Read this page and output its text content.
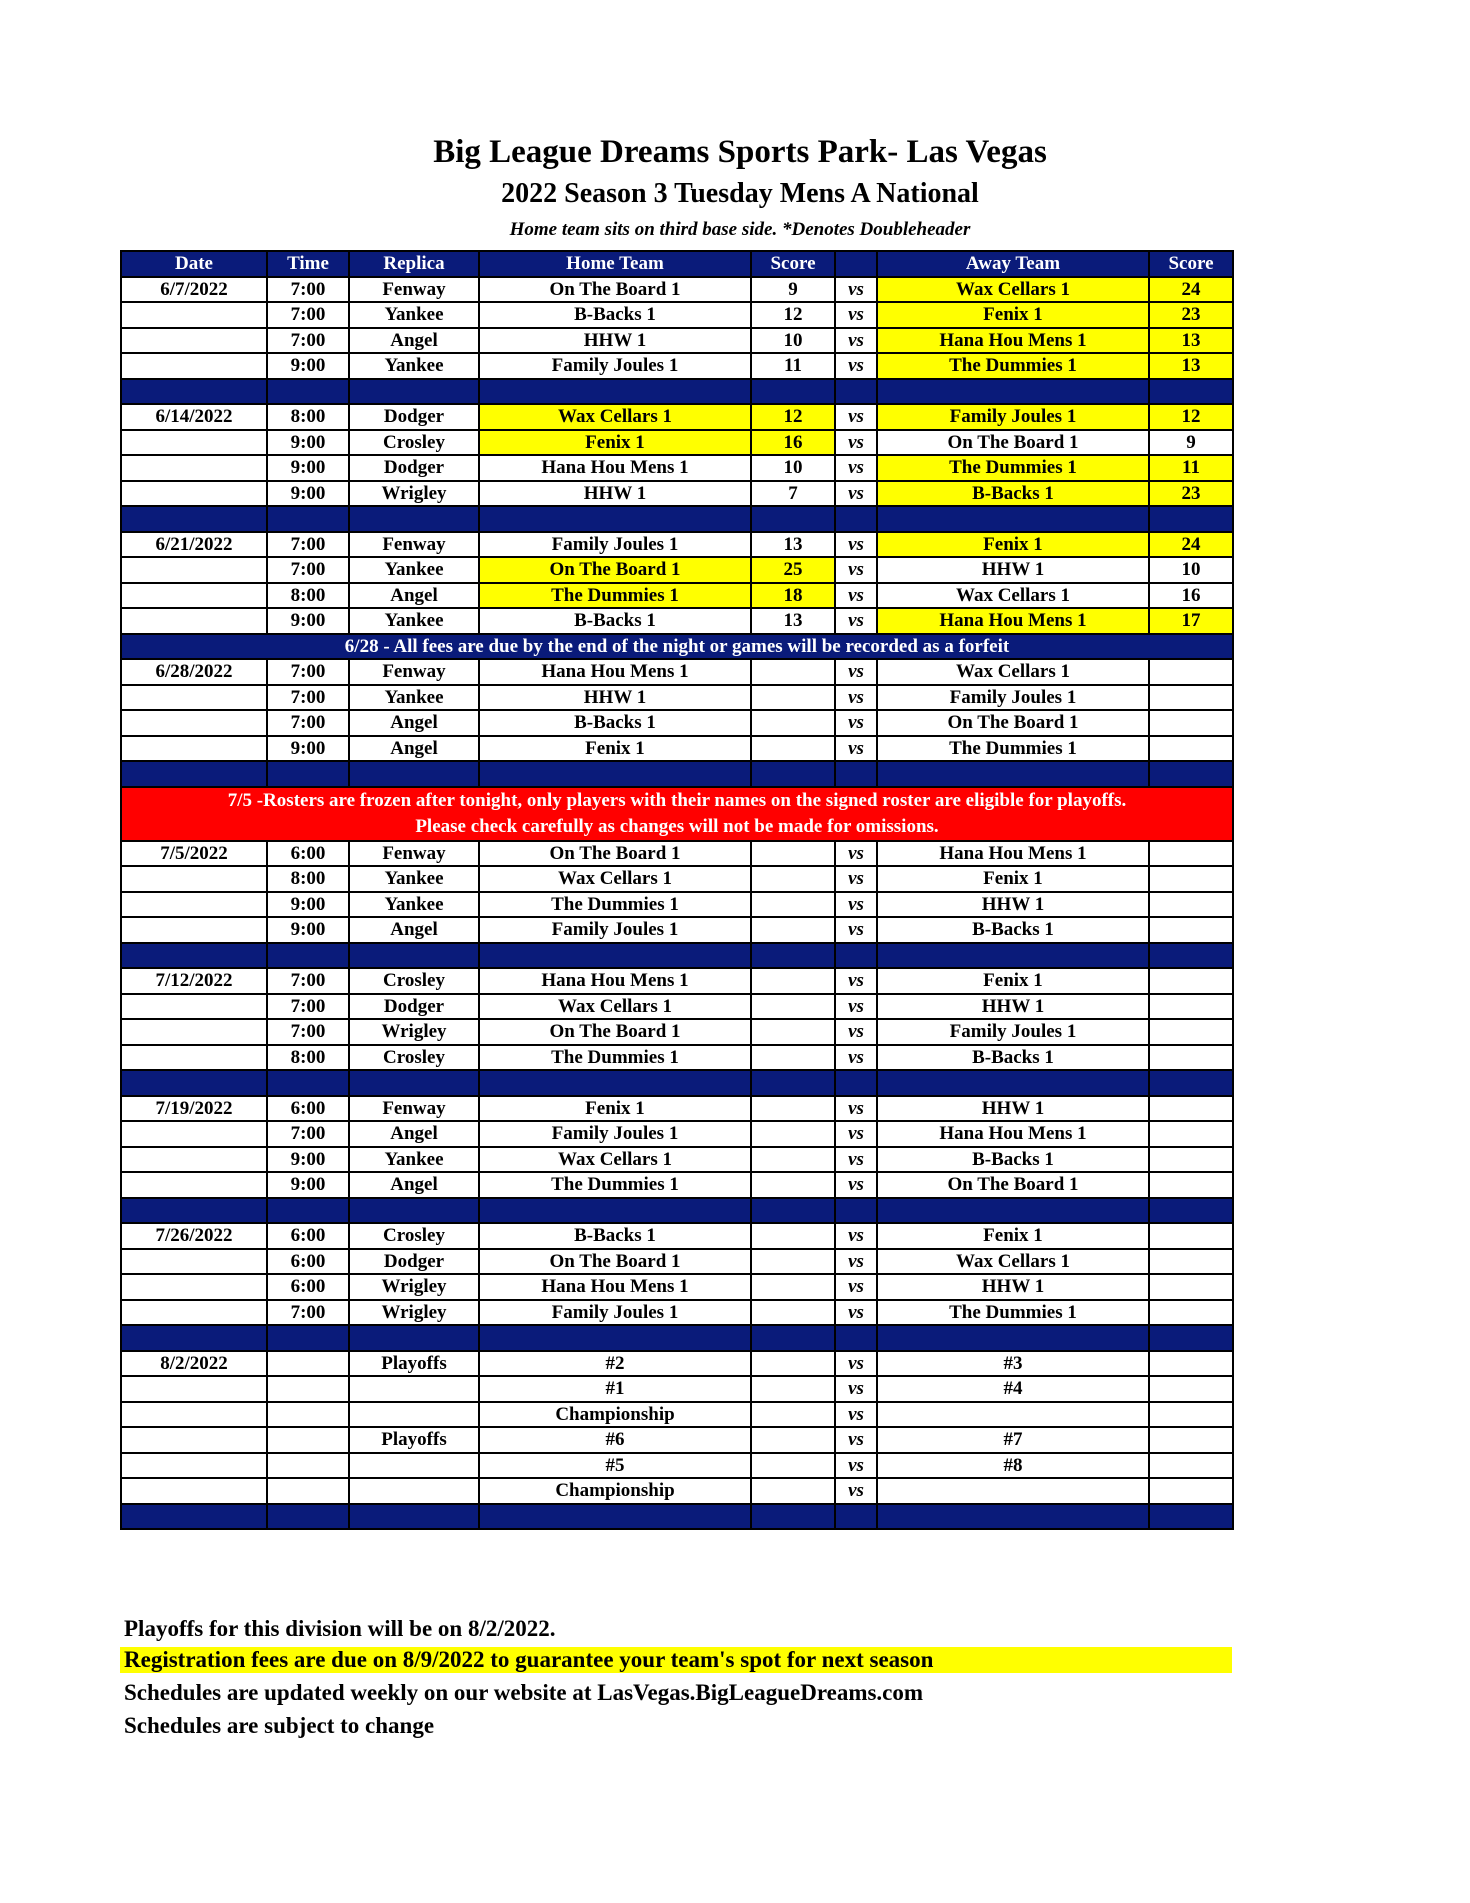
Big League Dreams Sports Park- Las Vegas
2022 Season 3 Tuesday Mens A National
Home team sits on third base side. *Denotes Doubleheader
Date	Time	Replica	Home Team	Score		Away Team	Score
6/7/2022	7:00	Fenway	On The Board 1	9	vs	Wax Cellars 1	24
	7:00	Yankee	B-Backs 1	12	vs	Fenix 1	23
	7:00	Angel	HHW 1	10	vs	Hana Hou Mens 1	13
	9:00	Yankee	Family Joules 1	11	vs	The Dummies 1	13

6/14/2022	8:00	Dodger	Wax Cellars 1	12	vs	Family Joules 1	12
	9:00	Crosley	Fenix 1	16	vs	On The Board 1	9
	9:00	Dodger	Hana Hou Mens 1	10	vs	The Dummies 1	11
	9:00	Wrigley	HHW 1	7	vs	B-Backs 1	23

6/21/2022	7:00	Fenway	Family Joules 1	13	vs	Fenix 1	24
	7:00	Yankee	On The Board 1	25	vs	HHW 1	10
	8:00	Angel	The Dummies 1	18	vs	Wax Cellars 1	16
	9:00	Yankee	B-Backs 1	13	vs	Hana Hou Mens 1	17
6/28 - All fees are due by the end of the night or games will be recorded as a forfeit							
6/28/2022	7:00	Fenway	Hana Hou Mens 1		vs	Wax Cellars 1	
	7:00	Yankee	HHW 1		vs	Family Joules 1	
	7:00	Angel	B-Backs 1		vs	On The Board 1	
	9:00	Angel	Fenix 1		vs	The Dummies 1	

7/5 -Rosters are frozen after tonight, only players with their names on the signed roster are eligible for playoffs.
Please check carefully as changes will not be made for omissions.							
7/5/2022	6:00	Fenway	On The Board 1		vs	Hana Hou Mens 1	
	8:00	Yankee	Wax Cellars 1		vs	Fenix 1	
	9:00	Yankee	The Dummies 1		vs	HHW 1	
	9:00	Angel	Family Joules 1		vs	B-Backs 1	

7/12/2022	7:00	Crosley	Hana Hou Mens 1		vs	Fenix 1	
	7:00	Dodger	Wax Cellars 1		vs	HHW 1	
	7:00	Wrigley	On The Board 1		vs	Family Joules 1	
	8:00	Crosley	The Dummies 1		vs	B-Backs 1	

7/19/2022	6:00	Fenway	Fenix 1		vs	HHW 1	
	7:00	Angel	Family Joules 1		vs	Hana Hou Mens 1	
	9:00	Yankee	Wax Cellars 1		vs	B-Backs 1	
	9:00	Angel	The Dummies 1		vs	On The Board 1	

7/26/2022	6:00	Crosley	B-Backs 1		vs	Fenix 1	
	6:00	Dodger	On The Board 1		vs	Wax Cellars 1	
	6:00	Wrigley	Hana Hou Mens 1		vs	HHW 1	
	7:00	Wrigley	Family Joules 1		vs	The Dummies 1	

8/2/2022		Playoffs	#2		vs	#3	
			#1		vs	#4	
			Championship		vs		
		Playoffs	#6		vs	#7	
			#5		vs	#8	
			Championship		vs		

Playoffs for this division will be on 8/2/2022.
Registration fees are due on 8/9/2022 to guarantee your team's spot for next season
Schedules are updated weekly on our website at LasVegas.BigLeagueDreams.com
Schedules are subject to change
